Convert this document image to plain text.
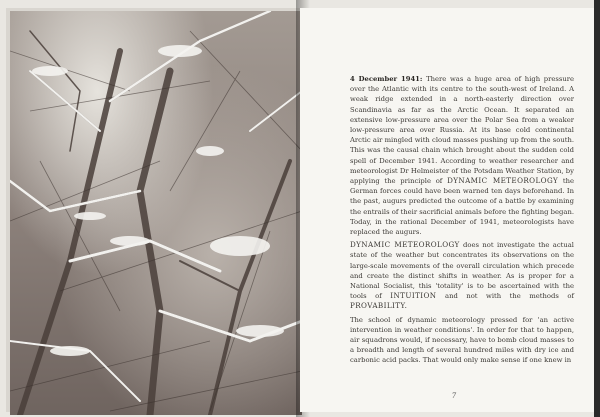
4 December 1941: There was a huge area of high pressure over the Atlantic with its centre to the south-west of Ireland. A weak ridge extended in a north-easterly direction over Scandinavia as far as the Arctic Ocean. It separated an extensive low-pressure area over the Polar Sea from a weaker low-pressure area over Russia. At its base cold continental Arctic air mingled with cloud masses pushing up from the south. This was the causal chain which brought about the sudden cold spell of December 1941. According to weather researcher and meteorologist Dr Helmeister of the Potsdam Weather Station, by applying the principle of DYNAMIC METEOROLOGY the German forces could have been warned ten days beforehand. In the past, augurs predicted the outcome of a battle by examining the entrails of their sacrificial animals before the fighting began. Today, in the rational December of 1941, meteorologists have replaced the augurs.

DYNAMIC METEOROLOGY does not investigate the actual state of the weather but concentrates its observations on the large-scale movements of the overall circulation which precede and create the distinct shifts in weather. As is proper for a National Socialist, this 'totality' is to be ascertained with the tools of INTUITION and not with the methods of PROVABILITY.

The school of dynamic meteorology pressed for 'an active intervention in weather conditions'. In order for that to happen, air squadrons would, if necessary, have to bomb cloud masses to a breadth and length of several hundred miles with dry ice and carbonic acid packs. That would only make sense if one knew in

7
